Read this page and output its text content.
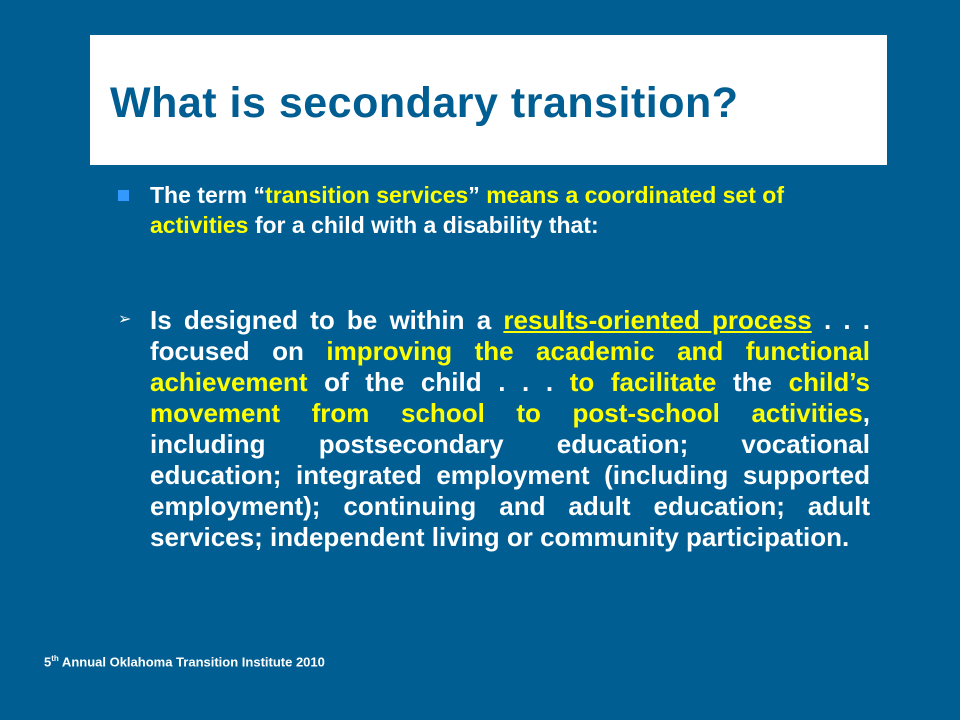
What is secondary transition?
The term “transition services” means a coordinated set of activities for a child with a disability that:
➢ Is designed to be within a results-oriented process . . . focused on improving the academic and functional achievement of the child . . . to facilitate the child’s movement from school to post-school activities, including postsecondary education; vocational education; integrated employment (including supported employment); continuing and adult education; adult services; independent living or community participation.
5th Annual Oklahoma Transition Institute 2010
